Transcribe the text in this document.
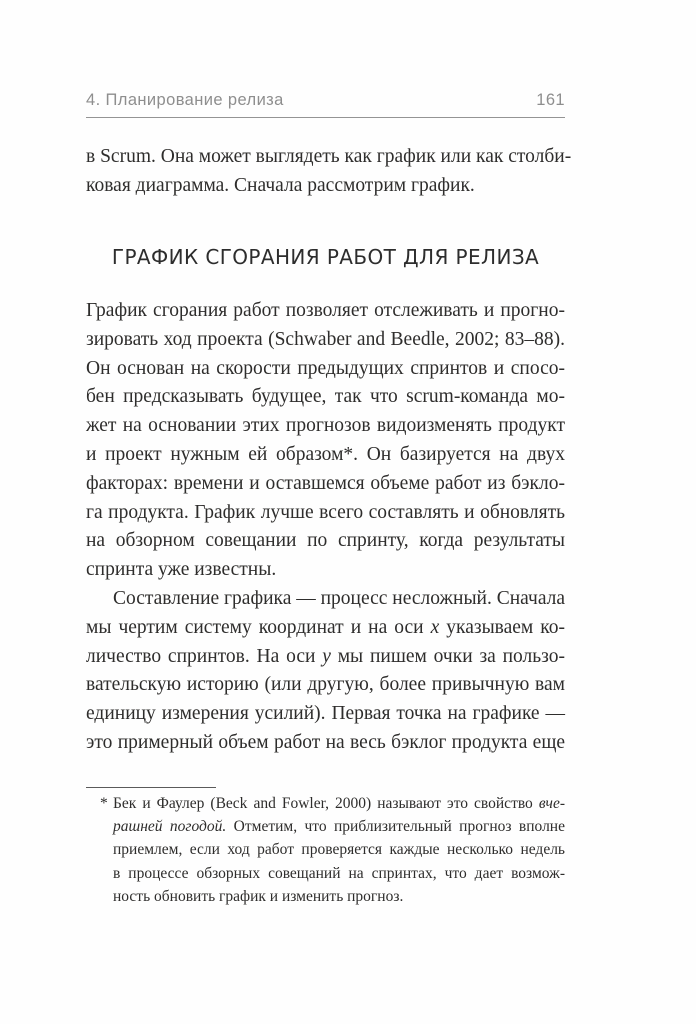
4. Планирование релиза	161
в Scrum. Она может выглядеть как график или как столби-
ковая диаграмма. Сначала рассмотрим график.
ГРАФИК СГОРАНИЯ РАБОТ ДЛЯ РЕЛИЗА
График сгорания работ позволяет отслеживать и прогно-
зировать ход проекта (Schwaber and Beedle, 2002; 83–88).
Он основан на скорости предыдущих спринтов и спосо-
бен предсказывать будущее, так что scrum-команда мо-
жет на основании этих прогнозов видоизменять продукт
и проект нужным ей образом*. Он базируется на двух
факторах: времени и оставшемся объеме работ из бэкло-
га продукта. График лучше всего составлять и обновлять
на обзорном совещании по спринту, когда результаты
спринта уже известны.
Составление графика — процесс несложный. Сначала
мы чертим систему координат и на оси x указываем ко-
личество спринтов. На оси y мы пишем очки за пользо-
вательскую историю (или другую, более привычную вам
единицу измерения усилий). Первая точка на графике —
это примерный объем работ на весь бэклог продукта еще
* Бек и Фаулер (Beck and Fowler, 2000) называют это свойство вче-
рашней погодой. Отметим, что приблизительный прогноз вполне
приемлем, если ход работ проверяется каждые несколько недель
в процессе обзорных совещаний на спринтах, что дает возмож-
ность обновить график и изменить прогноз.
